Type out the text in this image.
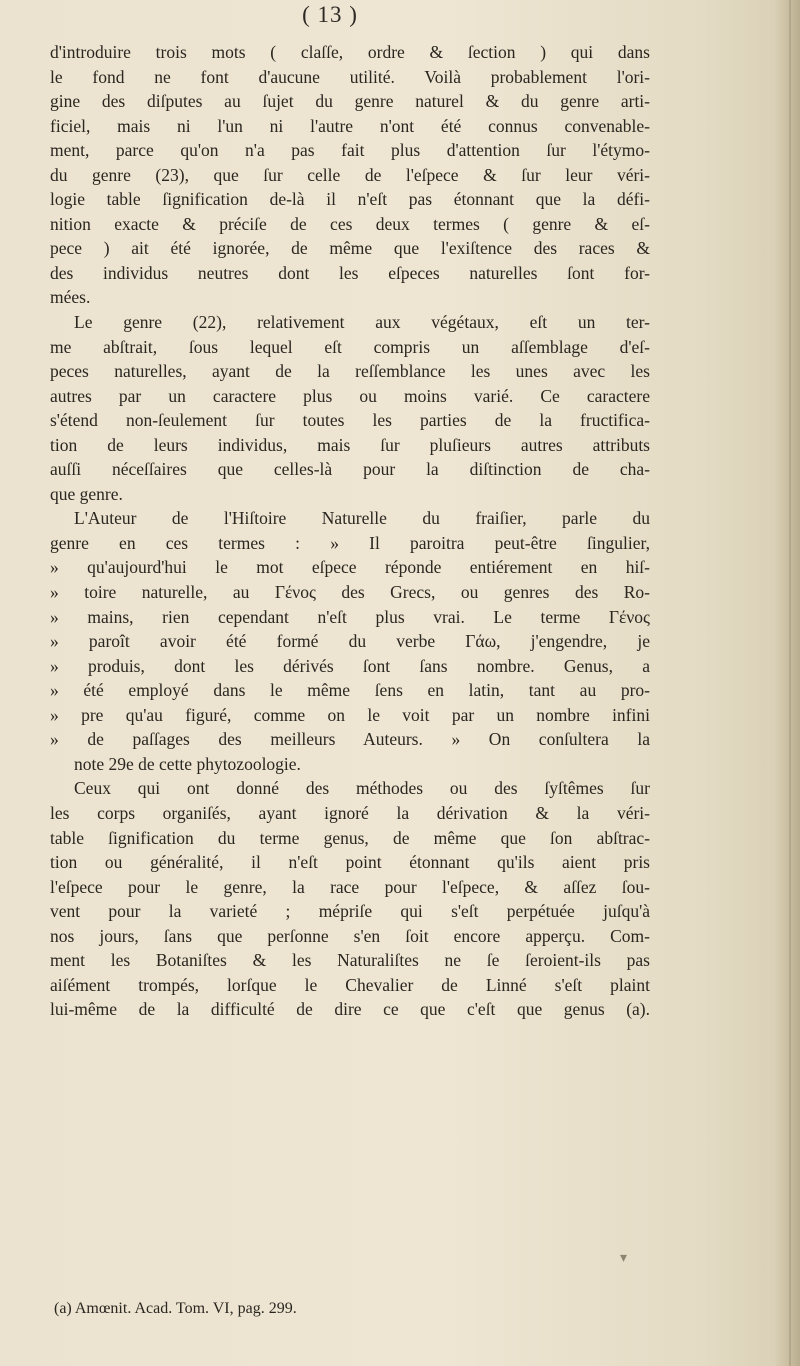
( 13 )
d'introduire trois mots ( claſſe, ordre & ſection ) qui dans
le fond ne font d'aucune utilité. Voilà probablement l'ori-
gine des diſputes au ſujet du genre naturel & du genre arti-
ficiel, mais ni l'un ni l'autre n'ont été connus convenable-
ment, parce qu'on n'a pas fait plus d'attention ſur l'étymo-
du genre (23), que ſur celle de l'eſpece & ſur leur véri-
logie table ſignification de-là il n'eſt pas étonnant que la défi-
nition exacte & préciſe de ces deux termes ( genre & eſ-
pece ) ait été ignorée, de même que l'exiſtence des races &
des individus neutres dont les eſpeces naturelles ſont for-
mées.
Le genre (22), relativement aux végétaux, eſt un ter-
me abſtrait, ſous lequel eſt compris un aſſemblage d'eſ-
peces naturelles, ayant de la reſſemblance les unes avec les
autres par un caractere plus ou moins varié. Ce caractere
s'étend non-ſeulement ſur toutes les parties de la fructifica-
tion de leurs individus, mais ſur pluſieurs autres attributs
auſſi néceſſaires que celles-là pour la diſtinction de cha-
que genre.
L'Auteur de l'Hiſtoire Naturelle du fraiſier, parle du
genre en ces termes : » Il paroitra peut-être ſingulier,
» qu'aujourd'hui le mot eſpece réponde entiérement en hiſ-
» toire naturelle, au Γένος des Grecs, ou genres des Ro-
» mains, rien cependant n'eſt plus vrai. Le terme Γένος
» paroît avoir été formé du verbe Γάω, j'engendre, je
» produis, dont les dérivés ſont ſans nombre. Genus, a
» été employé dans le même ſens en latin, tant au pro-
» pre qu'au figuré, comme on le voit par un nombre infini
» de paſſages des meilleurs Auteurs. » On conſultera la
note 29e de cette phytozoologie.
Ceux qui ont donné des méthodes ou des ſyſtêmes ſur
les corps organiſés, ayant ignoré la dérivation & la véri-
table ſignification du terme genus, de même que ſon abſtrac-
tion ou généralité, il n'eſt point étonnant qu'ils aient pris
l'eſpece pour le genre, la race pour l'eſpece, & aſſez ſou-
vent pour la varieté ; mépriſe qui s'eſt perpétuée juſqu'à
nos jours, ſans que perſonne s'en ſoit encore apperçu. Com-
ment les Botaniſtes & les Naturaliſtes ne ſe ſeroient-ils pas
aiſément trompés, lorſque le Chevalier de Linné s'eſt plaint
lui-même de la difficulté de dire ce que c'eſt que genus (a).
(a) Amœnit. Acad. Tom. VI, pag. 299.
▾
